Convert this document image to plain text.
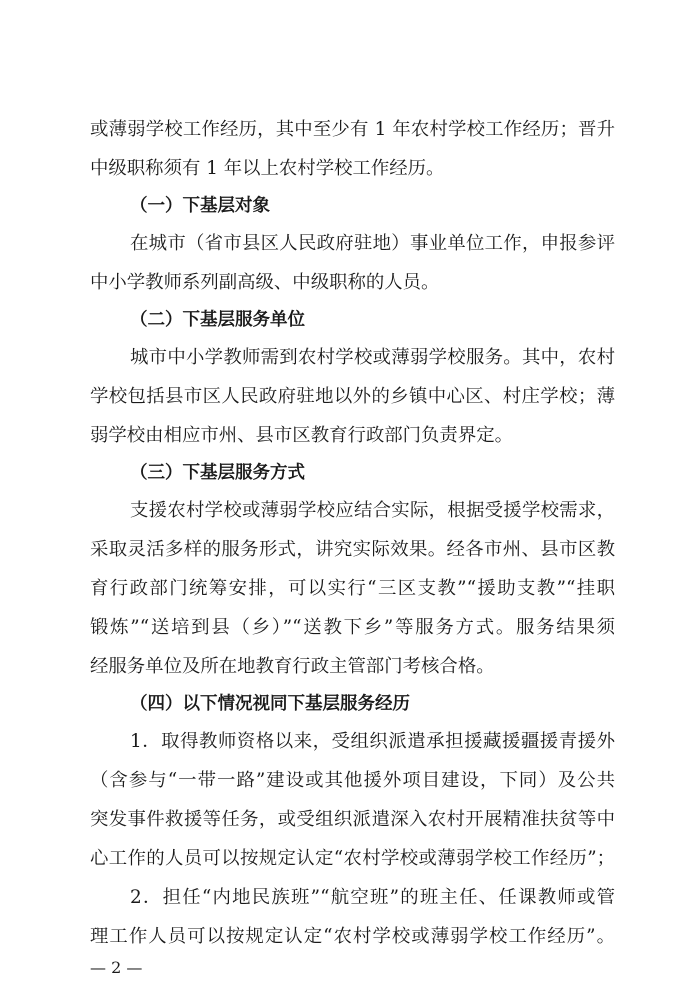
或薄弱学校工作经历，其中至少有 1 年农村学校工作经历；晋升
中级职称须有 1 年以上农村学校工作经历。
（一）下基层对象
在城市（省市县区人民政府驻地）事业单位工作，申报参评
中小学教师系列副高级、中级职称的人员。
（二）下基层服务单位
城市中小学教师需到农村学校或薄弱学校服务。其中，农村
学校包括县市区人民政府驻地以外的乡镇中心区、村庄学校；薄
弱学校由相应市州、县市区教育行政部门负责界定。
（三）下基层服务方式
支援农村学校或薄弱学校应结合实际，根据受援学校需求，
采取灵活多样的服务形式，讲究实际效果。经各市州、县市区教
育行政部门统筹安排，可以实行“三区支教”“援助支教”“挂职
锻炼”“送培到县（乡）”“送教下乡”等服务方式。服务结果须
经服务单位及所在地教育行政主管部门考核合格。
（四）以下情况视同下基层服务经历
1．取得教师资格以来，受组织派遣承担援藏援疆援青援外
（含参与“一带一路”建设或其他援外项目建设，下同）及公共
突发事件救援等任务，或受组织派遣深入农村开展精准扶贫等中
心工作的人员可以按规定认定“农村学校或薄弱学校工作经历”；
2．担任“内地民族班”“航空班”的班主任、任课教师或管
理工作人员可以按规定认定“农村学校或薄弱学校工作经历”。
— 2 —
